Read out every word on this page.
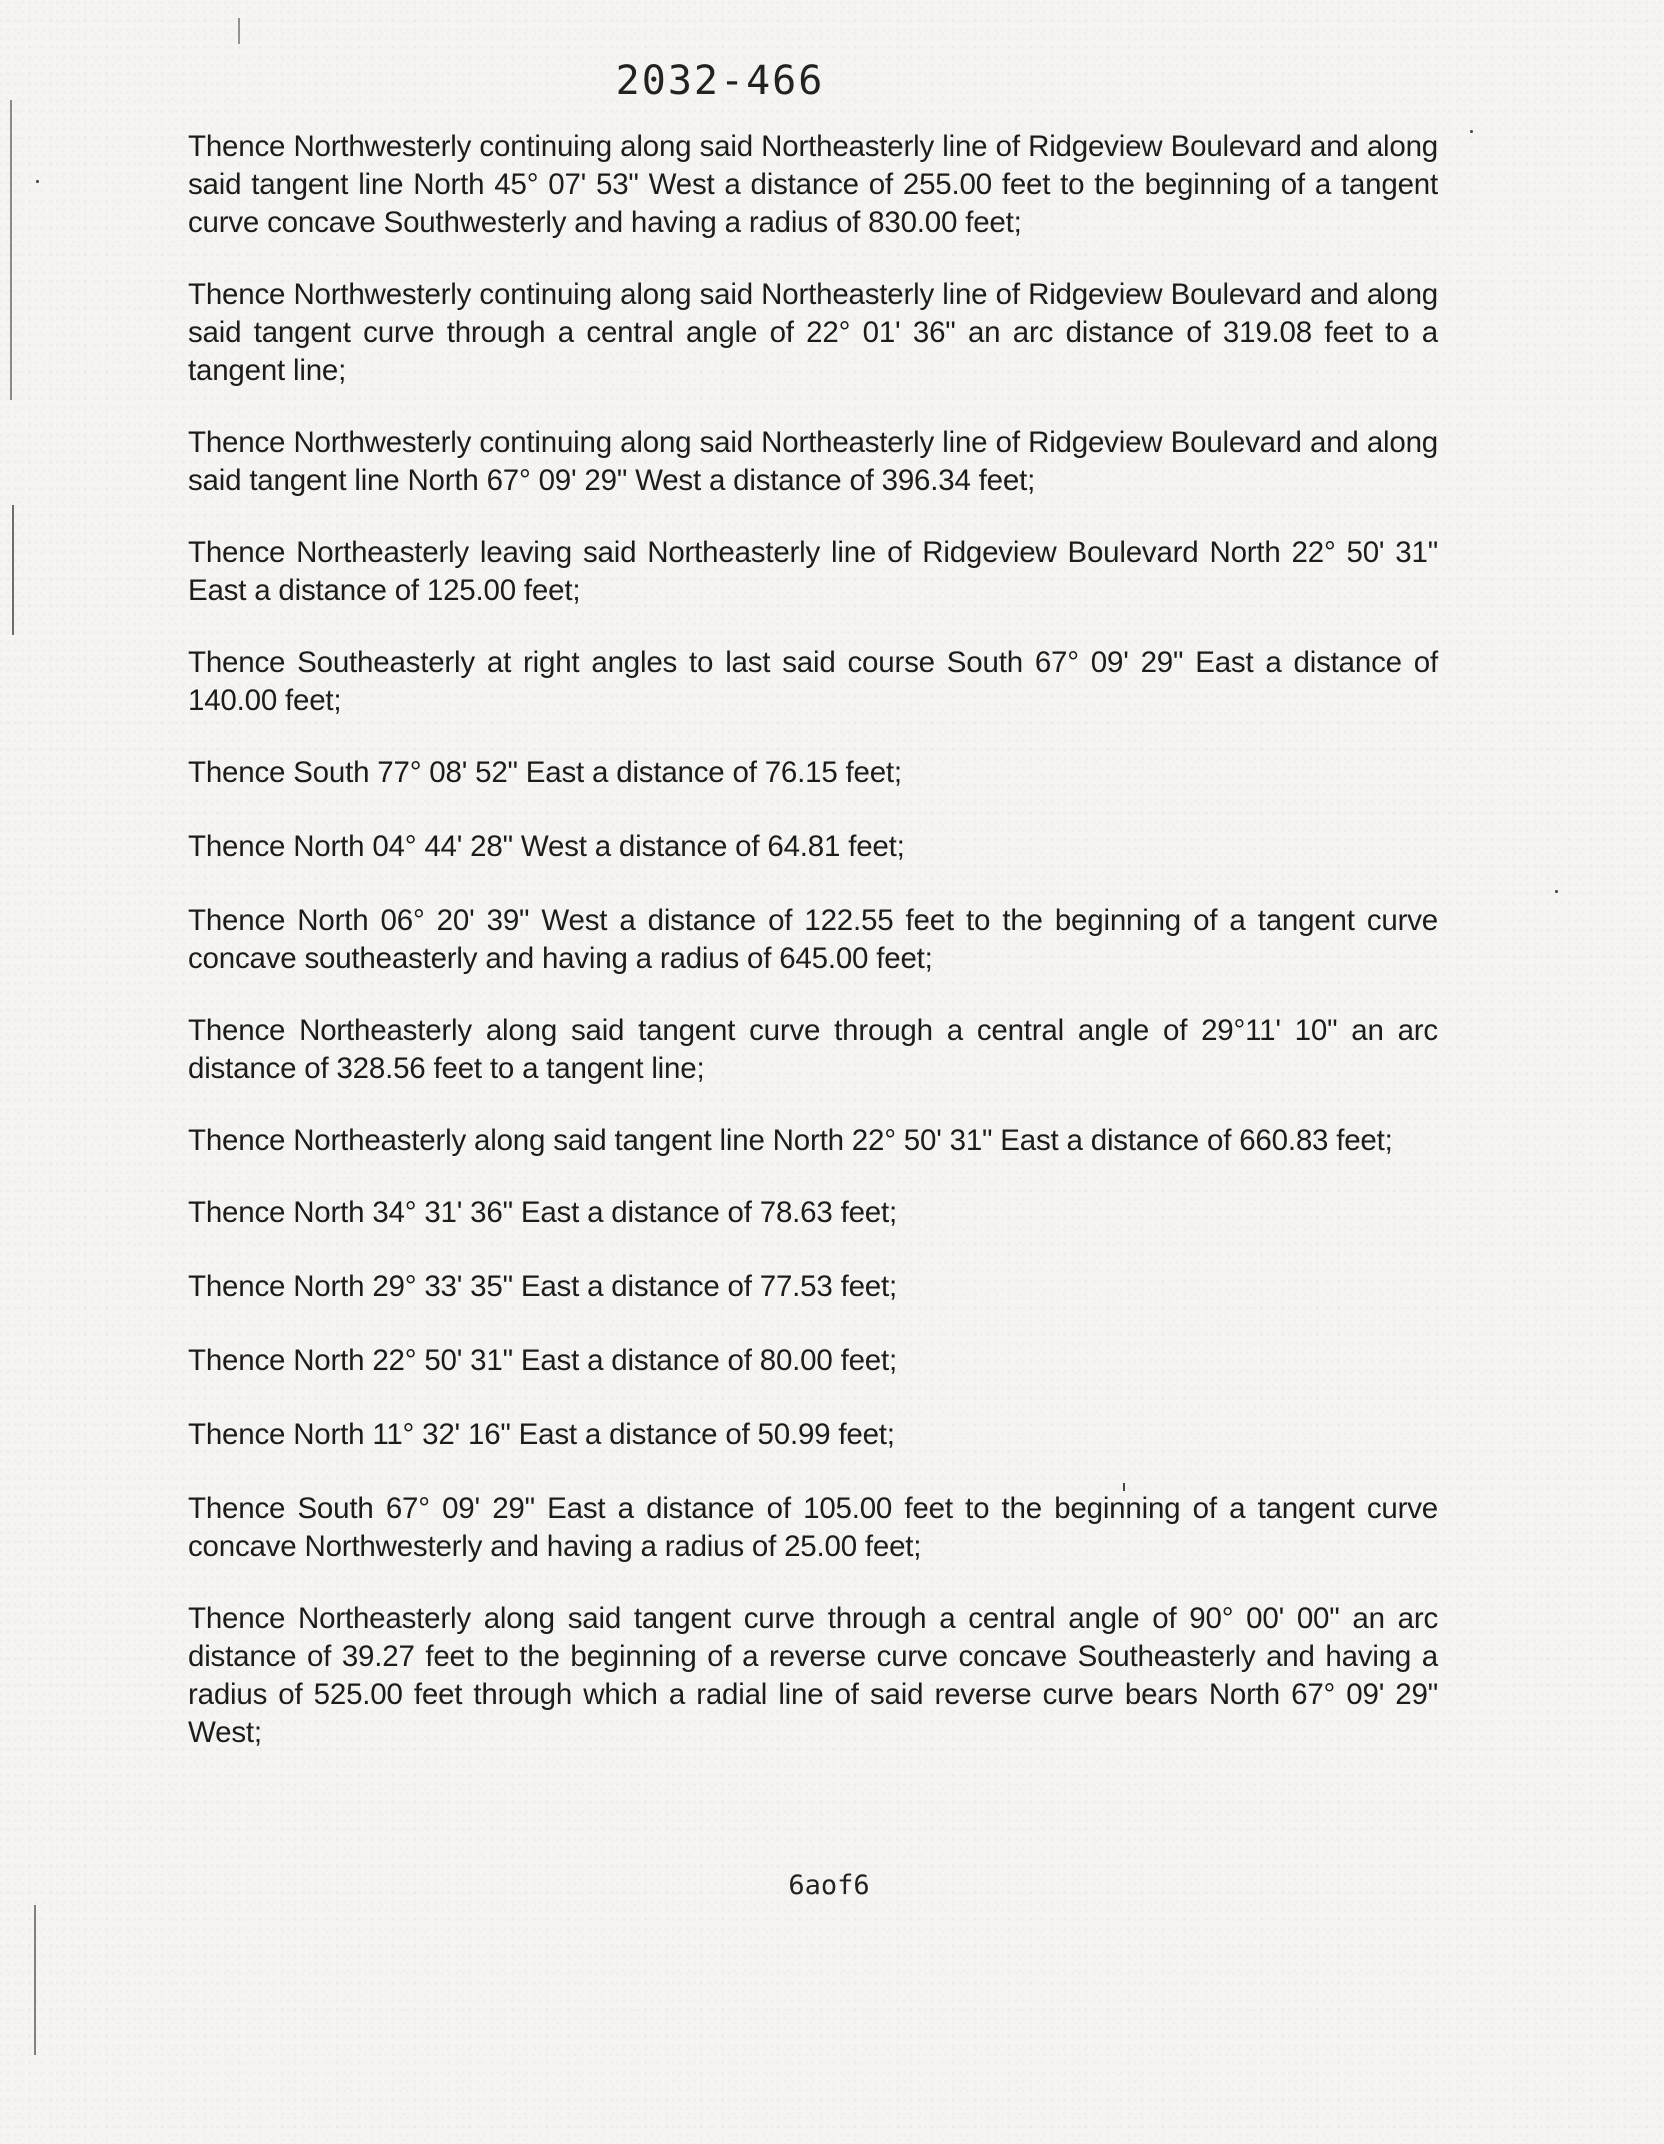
2032-466

Thence Northwesterly continuing along said Northeasterly line of Ridgeview Boulevard and along said tangent line North 45° 07' 53" West a distance of 255.00 feet to the beginning of a tangent curve concave Southwesterly and having a radius of 830.00 feet;

Thence Northwesterly continuing along said Northeasterly line of Ridgeview Boulevard and along said tangent curve through a central angle of 22° 01' 36" an arc distance of 319.08 feet to a tangent line;

Thence Northwesterly continuing along said Northeasterly line of Ridgeview Boulevard and along said tangent line North 67° 09' 29" West a distance of 396.34 feet;

Thence Northeasterly leaving said Northeasterly line of Ridgeview Boulevard North 22° 50' 31" East a distance of 125.00 feet;

Thence Southeasterly at right angles to last said course South 67° 09' 29" East a distance of 140.00 feet;

Thence South 77° 08' 52" East a distance of 76.15 feet;

Thence North 04° 44' 28" West a distance of 64.81 feet;

Thence North 06° 20' 39" West a distance of 122.55 feet to the beginning of a tangent curve concave southeasterly and having a radius of 645.00 feet;

Thence Northeasterly along said tangent curve through a central angle of 29°11' 10" an arc distance of 328.56 feet to a tangent line;

Thence Northeasterly along said tangent line North 22° 50' 31" East a distance of 660.83 feet;

Thence North 34° 31' 36" East a distance of 78.63 feet;

Thence North 29° 33' 35" East a distance of 77.53 feet;

Thence North 22° 50' 31" East a distance of 80.00 feet;

Thence North 11° 32' 16" East a distance of 50.99 feet;

Thence South 67° 09' 29" East a distance of 105.00 feet to the beginning of a tangent curve concave Northwesterly and having a radius of 25.00 feet;

Thence Northeasterly along said tangent curve through a central angle of 90° 00' 00" an arc distance of 39.27 feet to the beginning of a reverse curve concave Southeasterly and having a radius of 525.00 feet through which a radial line of said reverse curve bears North 67° 09' 29" West;

6aof6
